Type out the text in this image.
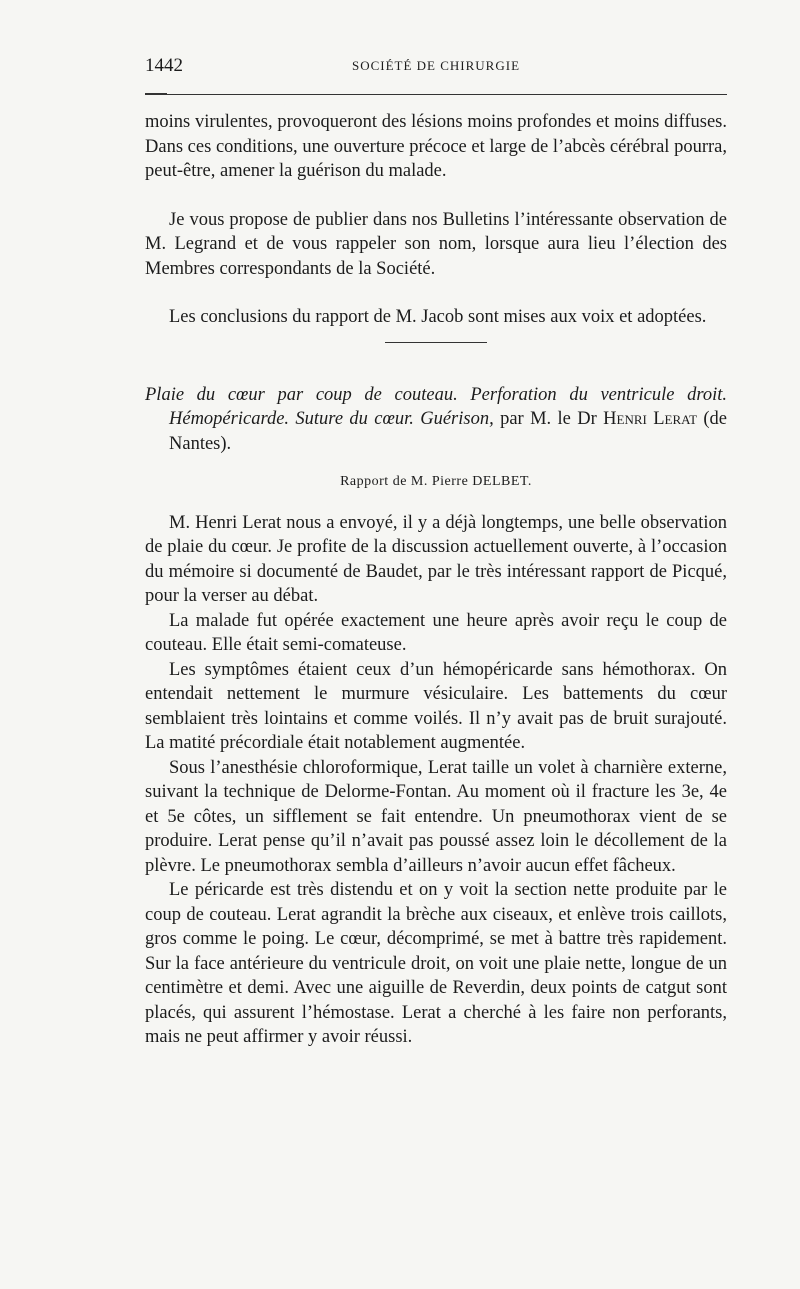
1442	SOCIÉTÉ DE CHIRURGIE

moins virulentes, provoqueront des lésions moins profondes et moins diffuses. Dans ces conditions, une ouverture précoce et large de l’abcès cérébral pourra, peut-être, amener la guérison du malade.

Je vous propose de publier dans nos Bulletins l’intéressante observation de M. Legrand et de vous rappeler son nom, lorsque aura lieu l’élection des Membres correspondants de la Société.

Les conclusions du rapport de M. Jacob sont mises aux voix et adoptées.

Plaie du cœur par coup de couteau. Perforation du ventricule droit. Hémopéricarde. Suture du cœur. Guérison, par M. le Dr Henri Lerat (de Nantes).

Rapport de M. Pierre DELBET.

M. Henri Lerat nous a envoyé, il y a déjà longtemps, une belle observation de plaie du cœur. Je profite de la discussion actuellement ouverte, à l’occasion du mémoire si documenté de Baudet, par le très intéressant rapport de Picqué, pour la verser au débat.

La malade fut opérée exactement une heure après avoir reçu le coup de couteau. Elle était semi-comateuse.

Les symptômes étaient ceux d’un hémopéricarde sans hémothorax. On entendait nettement le murmure vésiculaire. Les battements du cœur semblaient très lointains et comme voilés. Il n’y avait pas de bruit surajouté. La matité précordiale était notablement augmentée.

Sous l’anesthésie chloroformique, Lerat taille un volet à charnière externe, suivant la technique de Delorme-Fontan. Au moment où il fracture les 3e, 4e et 5e côtes, un sifflement se fait entendre. Un pneumothorax vient de se produire. Lerat pense qu’il n’avait pas poussé assez loin le décollement de la plèvre. Le pneumothorax sembla d’ailleurs n’avoir aucun effet fâcheux.

Le péricarde est très distendu et on y voit la section nette produite par le coup de couteau. Lerat agrandit la brèche aux ciseaux, et enlève trois caillots, gros comme le poing. Le cœur, décomprimé, se met à battre très rapidement. Sur la face antérieure du ventricule droit, on voit une plaie nette, longue de un centimètre et demi. Avec une aiguille de Reverdin, deux points de catgut sont placés, qui assurent l’hémostase. Lerat a cherché à les faire non perforants, mais ne peut affirmer y avoir réussi.
